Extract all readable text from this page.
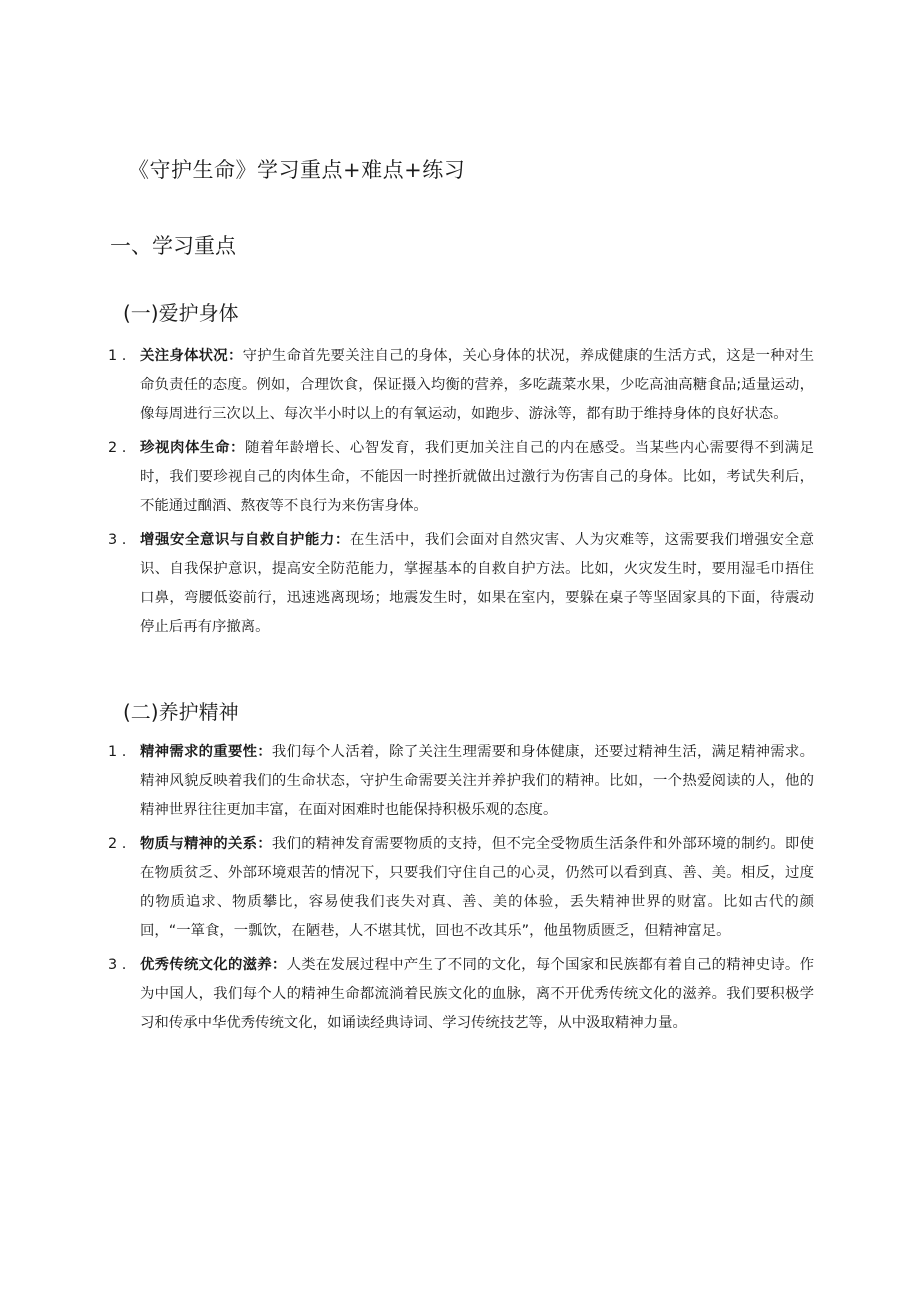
《守护生命》学习重点+难点+练习
一、学习重点
(一)爱护身体
1 . 关注身体状况：守护生命首先要关注自己的身体，关心身体的状况，养成健康的生活方式，这是一种对生命负责任的态度。例如，合理饮食，保证摄入均衡的营养，多吃蔬菜水果，少吃高油高糖食品;适量运动，像每周进行三次以上、每次半小时以上的有氧运动，如跑步、游泳等，都有助于维持身体的良好状态。
2 . 珍视肉体生命：随着年龄增长、心智发育，我们更加关注自己的内在感受。当某些内心需要得不到满足时，我们要珍视自己的肉体生命，不能因一时挫折就做出过激行为伤害自己的身体。比如，考试失利后，不能通过酗酒、熬夜等不良行为来伤害身体。
3 . 增强安全意识与自救自护能力：在生活中，我们会面对自然灾害、人为灾难等，这需要我们增强安全意识、自我保护意识，提高安全防范能力，掌握基本的自救自护方法。比如，火灾发生时，要用湿毛巾捂住口鼻，弯腰低姿前行，迅速逃离现场；地震发生时，如果在室内，要躲在桌子等坚固家具的下面，待震动停止后再有序撤离。
(二)养护精神
1 . 精神需求的重要性：我们每个人活着，除了关注生理需要和身体健康，还要过精神生活，满足精神需求。精神风貌反映着我们的生命状态，守护生命需要关注并养护我们的精神。比如，一个热爱阅读的人，他的精神世界往往更加丰富，在面对困难时也能保持积极乐观的态度。
2 . 物质与精神的关系：我们的精神发育需要物质的支持，但不完全受物质生活条件和外部环境的制约。即使在物质贫乏、外部环境艰苦的情况下，只要我们守住自己的心灵，仍然可以看到真、善、美。相反，过度的物质追求、物质攀比，容易使我们丧失对真、善、美的体验，丢失精神世界的财富。比如古代的颜回，“一箪食，一瓢饮，在陋巷，人不堪其忧，回也不改其乐”，他虽物质匮乏，但精神富足。
3 . 优秀传统文化的滋养：人类在发展过程中产生了不同的文化，每个国家和民族都有着自己的精神史诗。作为中国人，我们每个人的精神生命都流淌着民族文化的血脉，离不开优秀传统文化的滋养。我们要积极学习和传承中华优秀传统文化，如诵读经典诗词、学习传统技艺等，从中汲取精神力量。
